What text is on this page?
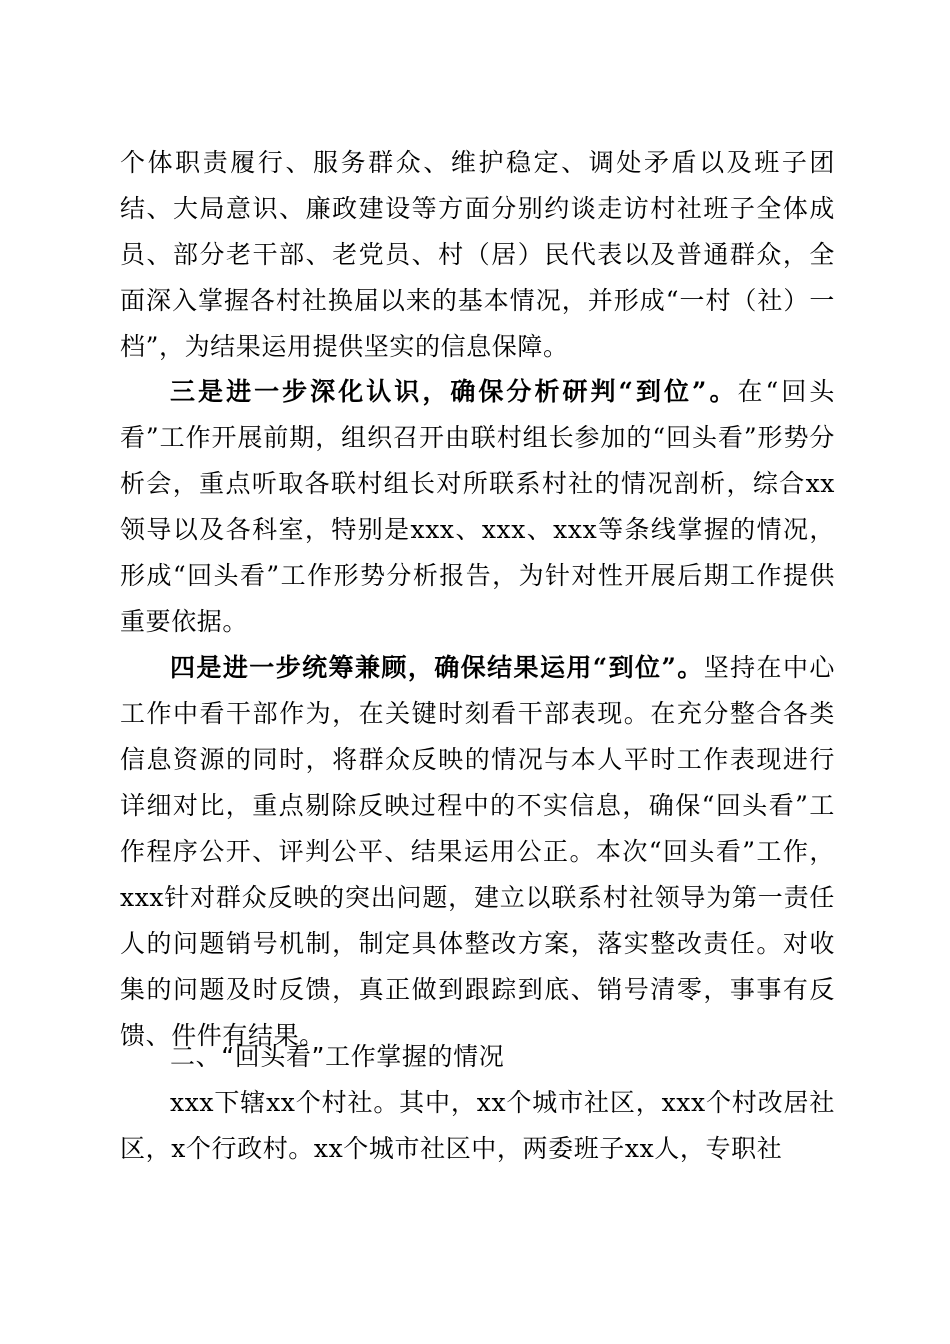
个体职责履行、服务群众、维护稳定、调处矛盾以及班子团结、大局意识、廉政建设等方面分别约谈走访村社班子全体成员、部分老干部、老党员、村（居）民代表以及普通群众，全面深入掌握各村社换届以来的基本情况，并形成“一村（社）一档”，为结果运用提供坚实的信息保障。

三是进一步深化认识，确保分析研判“到位”。在“回头看”工作开展前期，组织召开由联村组长参加的“回头看”形势分析会，重点听取各联村组长对所联系村社的情况剖析，综合xx领导以及各科室，特别是xxx、xxx、xxx等条线掌握的情况，形成“回头看”工作形势分析报告，为针对性开展后期工作提供重要依据。

四是进一步统筹兼顾，确保结果运用“到位”。坚持在中心工作中看干部作为，在关键时刻看干部表现。在充分整合各类信息资源的同时，将群众反映的情况与本人平时工作表现进行详细对比，重点剔除反映过程中的不实信息，确保“回头看”工作程序公开、评判公平、结果运用公正。本次“回头看”工作，xxx针对群众反映的突出问题，建立以联系村社领导为第一责任人的问题销号机制，制定具体整改方案，落实整改责任。对收集的问题及时反馈，真正做到跟踪到底、销号清零，事事有反馈、件件有结果。

二、“回头看”工作掌握的情况

xxx下辖xx个村社。其中，xx个城市社区，xxx个村改居社区，x个行政村。xx个城市社区中，两委班子xx人，专职社
